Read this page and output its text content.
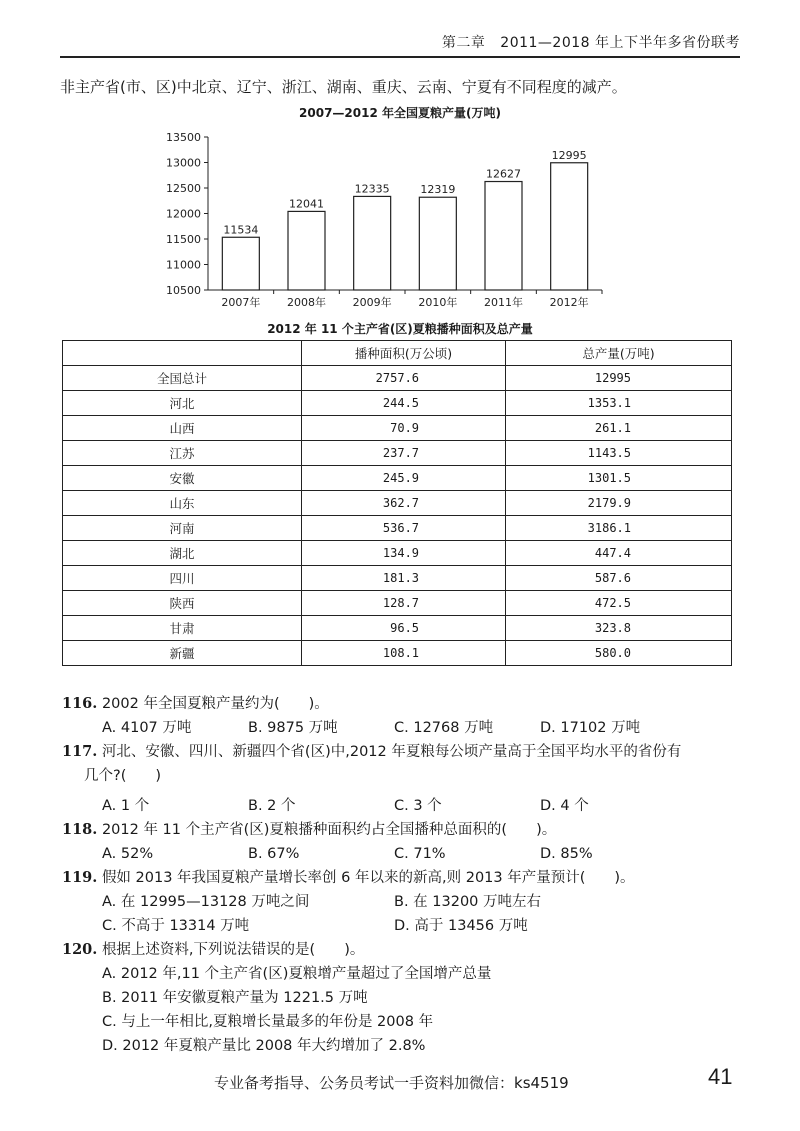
第二章 2011—2018 年上下半年多省份联考
非主产省(市、区)中北京、辽宁、浙江、湖南、重庆、云南、宁夏有不同程度的减产。
2007—2012 年全国夏粮产量(万吨)
10500
11000
11500
12000
12500
13000
13500
11534
2007年
12041
2008年
12335
2009年
12319
2010年
12627
2011年
12995
2012年
2012 年 11 个主产省(区)夏粮播种面积及总产量
	播种面积(万公顷)	总产量(万吨)
全国总计	2757.6	12995
河北	244.5	1353.1
山西	70.9	261.1
江苏	237.7	1143.5
安徽	245.9	1301.5
山东	362.7	2179.9
河南	536.7	3186.1
湖北	134.9	447.4
四川	181.3	587.6
陕西	128.7	472.5
甘肃	96.5	323.8
新疆	108.1	580.0
116. 2002 年全国夏粮产量约为(　　)。
A. 4107 万吨	B. 9875 万吨	C. 12768 万吨	D. 17102 万吨
117. 河北、安徽、四川、新疆四个省(区)中,2012 年夏粮每公顷产量高于全国平均水平的省份有
几个?(　　)
A. 1 个	B. 2 个	C. 3 个	D. 4 个
118. 2012 年 11 个主产省(区)夏粮播种面积约占全国播种总面积的(　　)。
A. 52%	B. 67%	C. 71%	D. 85%
119. 假如 2013 年我国夏粮产量增长率创 6 年以来的新高,则 2013 年产量预计(　　)。
A. 在 12995—13128 万吨之间	B. 在 13200 万吨左右
C. 不高于 13314 万吨	D. 高于 13456 万吨
120. 根据上述资料,下列说法错误的是(　　)。
A. 2012 年,11 个主产省(区)夏粮增产量超过了全国增产总量
B. 2011 年安徽夏粮产量为 1221.5 万吨
C. 与上一年相比,夏粮增长量最多的年份是 2008 年
D. 2012 年夏粮产量比 2008 年大约增加了 2.8%
专业备考指导、公务员考试一手资料加微信：ks4519	41
